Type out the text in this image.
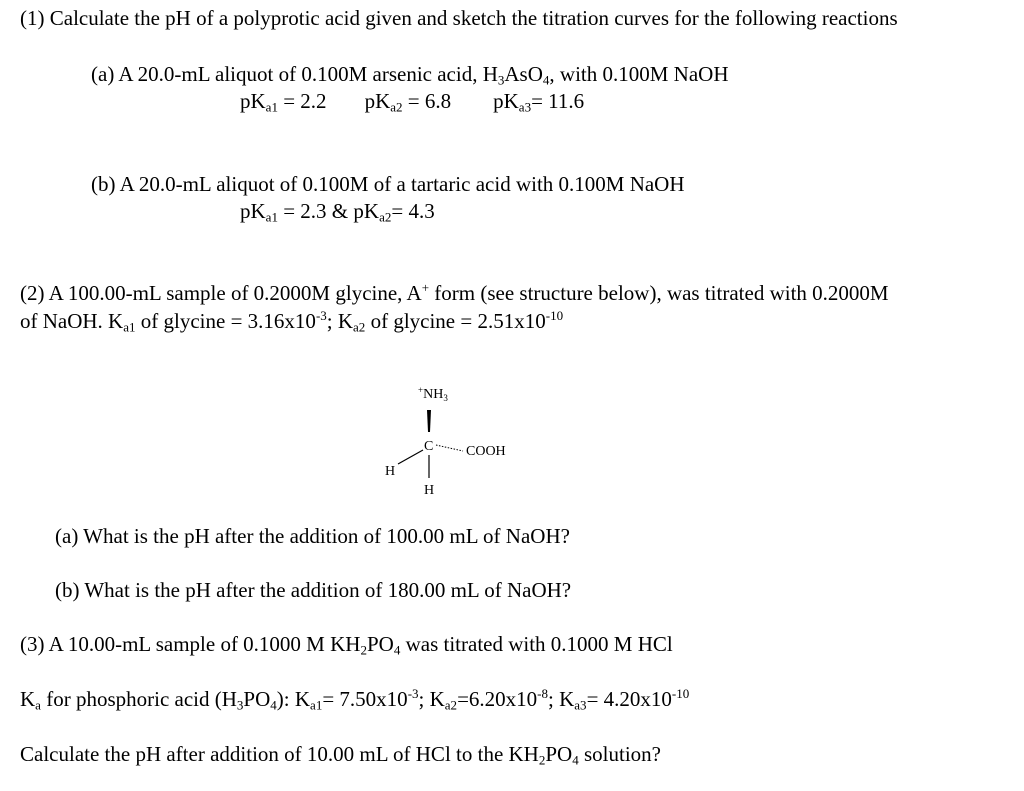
(1) Calculate the pH of a polyprotic acid given and sketch the titration curves for the following reactions
(a) A 20.0-mL aliquot of 0.100M arsenic acid, $H_3AsO_4$, with 0.100M NaOH
$pK_{a1} = 2.2$ $pK_{a2} = 6.8$ $pK_{a3}= 11.6$
(b) A 20.0-mL aliquot of 0.100M of a tartaric acid with 0.100M NaOH
$pK_{a1} = 2.3$ & $pK_{a2}= 4.3$
(2) A 100.00-mL sample of 0.2000M glycine, A+ form (see structure below), was titrated with 0.2000M
of NaOH. $K_{a1}$ of glycine = $3.16x10^{-3}$; $K_{a2}$ of glycine = $2.51x10^{-10}$
$^+NH_3$
C COOH
H
H
(a) What is the pH after the addition of 100.00 mL of NaOH?
(b) What is the pH after the addition of 180.00 mL of NaOH?
(3) A 10.00-mL sample of 0.1000 M $KH_2PO_4$ was titrated with 0.1000 M HCl
$K_a$ for phosphoric acid $(H_3PO_4)$: $K_{a1}= 7.50x10^{-3}$; $K_{a2}=6.20x10^{-8}$; $K_{a3}= 4.20x10^{-10}$
Calculate the pH after addition of 10.00 mL of HCl to the $KH_2PO_4$ solution?
